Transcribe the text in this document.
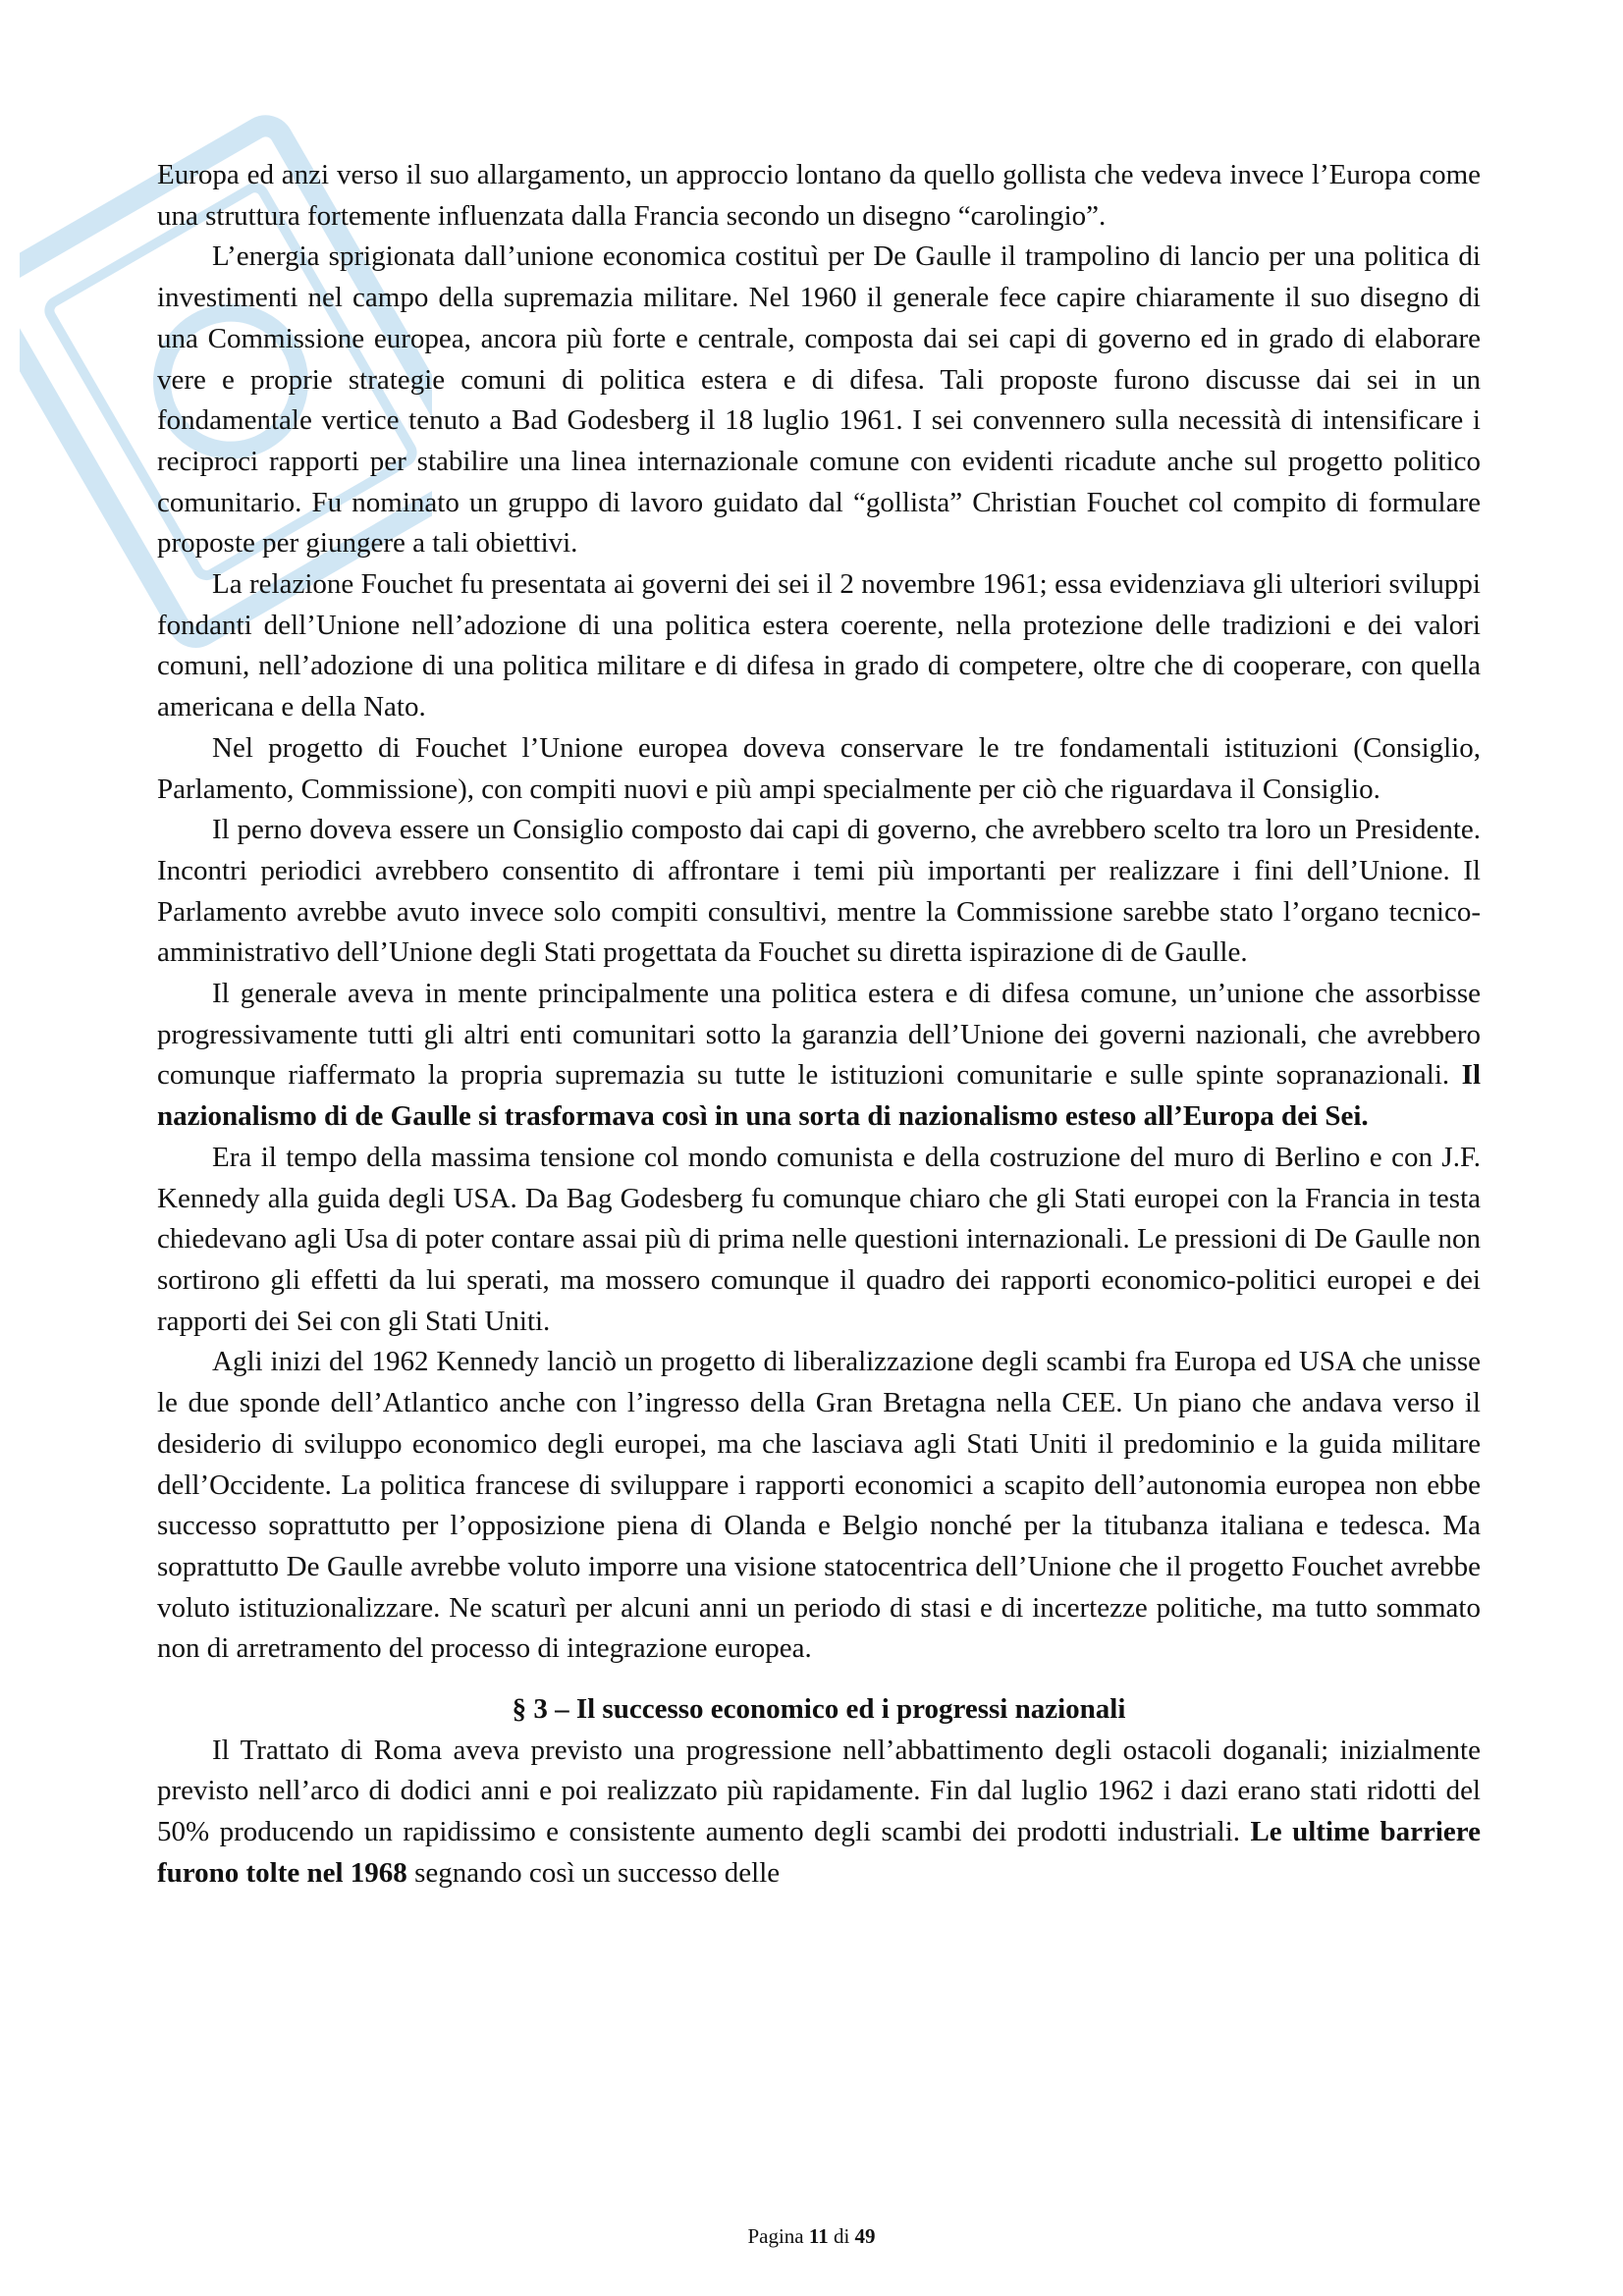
Europa ed anzi verso il suo allargamento, un approccio lontano da quello gollista che vedeva invece l’Europa come una struttura fortemente influenzata dalla Francia secondo un disegno “carolingio”.

L’energia sprigionata dall’unione economica costituì per De Gaulle il trampolino di lancio per una politica di investimenti nel campo della supremazia militare. Nel 1960 il generale fece capire chiaramente il suo disegno di una Commissione europea, ancora più forte e centrale, composta dai sei capi di governo ed in grado di elaborare vere e proprie strategie comuni di politica estera e di difesa. Tali proposte furono discusse dai sei in un fondamentale vertice tenuto a Bad Godesberg il 18 luglio 1961. I sei convennero sulla necessità di intensificare i reciproci rapporti per stabilire una linea internazionale comune con evidenti ricadute anche sul progetto politico comunitario. Fu nominato un gruppo di lavoro guidato dal “gollista” Christian Fouchet col compito di formulare proposte per giungere a tali obiettivi.

La relazione Fouchet fu presentata ai governi dei sei il 2 novembre 1961; essa evidenziava gli ulteriori sviluppi fondanti dell’Unione nell’adozione di una politica estera coerente, nella protezione delle tradizioni e dei valori comuni, nell’adozione di una politica militare e di difesa in grado di competere, oltre che di cooperare, con quella americana e della Nato.

Nel progetto di Fouchet l’Unione europea doveva conservare le tre fondamentali istituzioni (Consiglio, Parlamento, Commissione), con compiti nuovi e più ampi specialmente per ciò che riguardava il Consiglio.

Il perno doveva essere un Consiglio composto dai capi di governo, che avrebbero scelto tra loro un Presidente. Incontri periodici avrebbero consentito di affrontare i temi più importanti per realizzare i fini dell’Unione. Il Parlamento avrebbe avuto invece solo compiti consultivi, mentre la Commissione sarebbe stato l’organo tecnico-amministrativo dell’Unione degli Stati progettata da Fouchet su diretta ispirazione di de Gaulle.

Il generale aveva in mente principalmente una politica estera e di difesa comune, un’unione che assorbisse progressivamente tutti gli altri enti comunitari sotto la garanzia dell’Unione dei governi nazionali, che avrebbero comunque riaffermato la propria supremazia su tutte le istituzioni comunitarie e sulle spinte sopranazionali. Il nazionalismo di de Gaulle si trasformava così in una sorta di nazionalismo esteso all’Europa dei Sei.

Era il tempo della massima tensione col mondo comunista e della costruzione del muro di Berlino e con J.F. Kennedy alla guida degli USA. Da Bag Godesberg fu comunque chiaro che gli Stati europei con la Francia in testa chiedevano agli Usa di poter contare assai più di prima nelle questioni internazionali. Le pressioni di De Gaulle non sortirono gli effetti da lui sperati, ma mossero comunque il quadro dei rapporti economico-politici europei e dei rapporti dei Sei con gli Stati Uniti.

Agli inizi del 1962 Kennedy lanciò un progetto di liberalizzazione degli scambi fra Europa ed USA che unisse le due sponde dell’Atlantico anche con l’ingresso della Gran Bretagna nella CEE. Un piano che andava verso il desiderio di sviluppo economico degli europei, ma che lasciava agli Stati Uniti il predominio e la guida militare dell’Occidente. La politica francese di sviluppare i rapporti economici a scapito dell’autonomia europea non ebbe successo soprattutto per l’opposizione piena di Olanda e Belgio nonché per la titubanza italiana e tedesca. Ma soprattutto De Gaulle avrebbe voluto imporre una visione statocentrica dell’Unione che il progetto Fouchet avrebbe voluto istituzionalizzare. Ne scaturì per alcuni anni un periodo di stasi e di incertezze politiche, ma tutto sommato non di arretramento del processo di integrazione europea.

§ 3 – Il successo economico ed i progressi nazionali

Il Trattato di Roma aveva previsto una progressione nell’abbattimento degli ostacoli doganali; inizialmente previsto nell’arco di dodici anni e poi realizzato più rapidamente. Fin dal luglio 1962 i dazi erano stati ridotti del 50% producendo un rapidissimo e consistente aumento degli scambi dei prodotti industriali. Le ultime barriere furono tolte nel 1968 segnando così un successo delle

Pagina 11 di 49
